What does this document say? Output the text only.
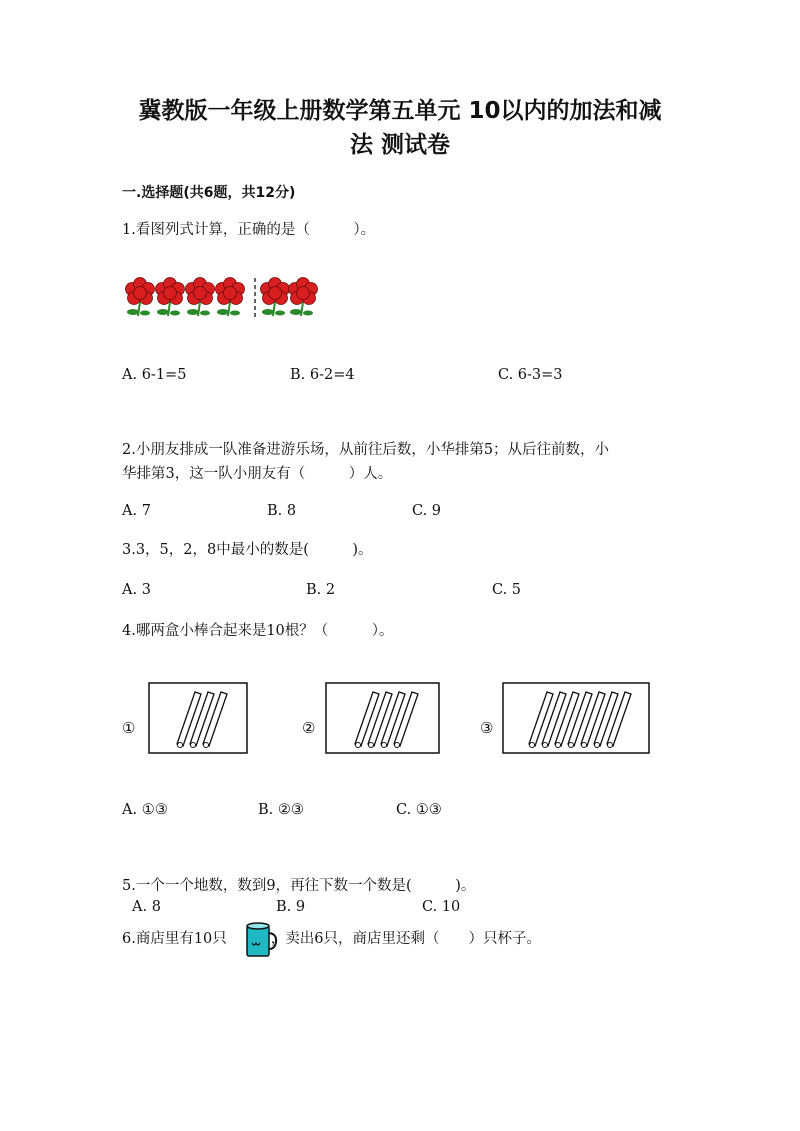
冀教版一年级上册数学第五单元 10以内的加法和减
法 测试卷
一.选择题(共6题，共12分)
1.看图列式计算，正确的是（　　　）。
A. 6-1=5	B. 6-2=4	C. 6-3=3
2.小朋友排成一队准备进游乐场，从前往后数，小华排第5；从后往前数，小
华排第3，这一队小朋友有（　　　）人。
A. 7	B. 8	C. 9
3.3，5，2，8中最小的数是(　　　)。
A. 3	B. 2	C. 5
4.哪两盒小棒合起来是10根？（　　　）。
①	②	③
A. ①③	B. ②③	C. ①③
5.一个一个地数，数到9，再往下数一个数是(　　　)。
A. 8	B. 9	C. 10
6.商店里有10只	，卖出6只，商店里还剩（　　）只杯子。
